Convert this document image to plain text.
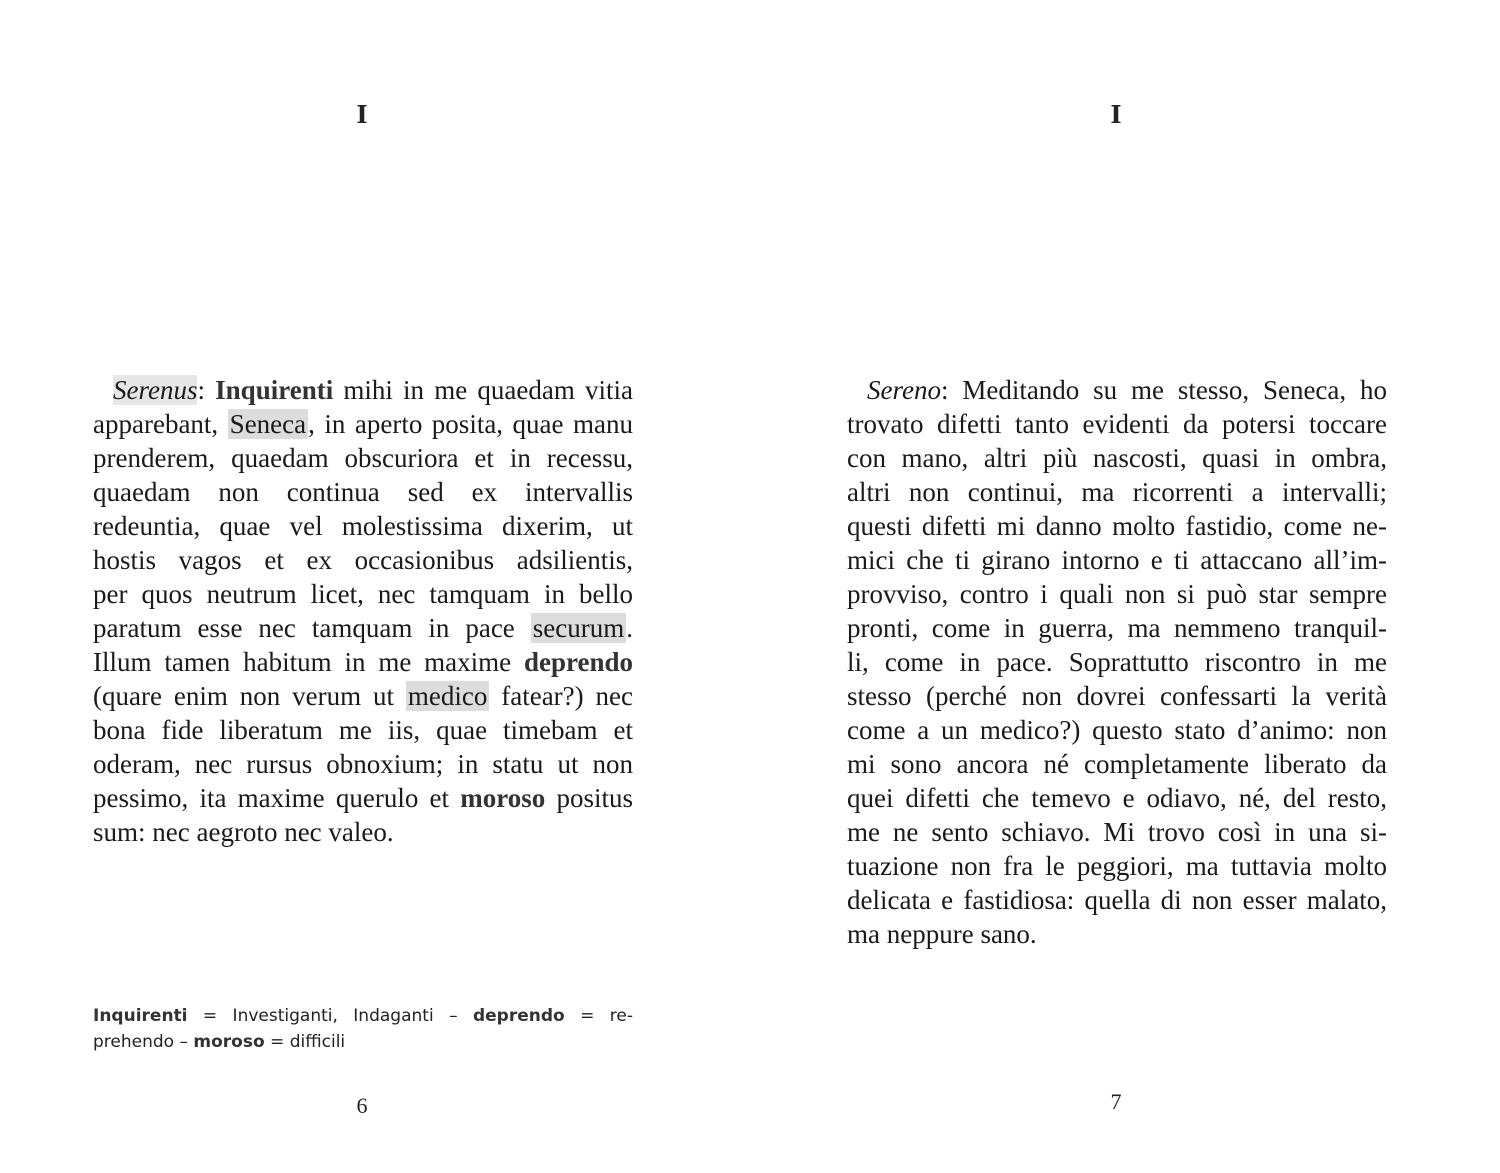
I

Serenus: Inquirenti mihi in me quaedam vitia
apparebant, Seneca, in aperto posita, quae manu
prenderem, quaedam obscuriora et in recessu,
quaedam non continua sed ex intervallis
redeuntia, quae vel molestissima dixerim, ut
hostis vagos et ex occasionibus adsilientis,
per quos neutrum licet, nec tamquam in bello
paratum esse nec tamquam in pace securum.
Illum tamen habitum in me maxime deprendo
(quare enim non verum ut medico fatear?) nec
bona fide liberatum me iis, quae timebam et
oderam, nec rursus obnoxium; in statu ut non
pessimo, ita maxime querulo et moroso positus
sum: nec aegroto nec valeo.

Inquirenti = Investiganti, Indaganti – deprendo = re-
prehendo – moroso = difficili
6
I

Sereno: Meditando su me stesso, Seneca, ho
trovato difetti tanto evidenti da potersi toccare
con mano, altri più nascosti, quasi in ombra,
altri non continui, ma ricorrenti a intervalli;
questi difetti mi danno molto fastidio, come ne-
mici che ti girano intorno e ti attaccano all’im-
provviso, contro i quali non si può star sempre
pronti, come in guerra, ma nemmeno tranquil-
li, come in pace. Soprattutto riscontro in me
stesso (perché non dovrei confessarti la verità
come a un medico?) questo stato d’animo: non
mi sono ancora né completamente liberato da
quei difetti che temevo e odiavo, né, del resto,
me ne sento schiavo. Mi trovo così in una si-
tuazione non fra le peggiori, ma tuttavia molto
delicata e fastidiosa: quella di non esser malato,
ma neppure sano.

7
